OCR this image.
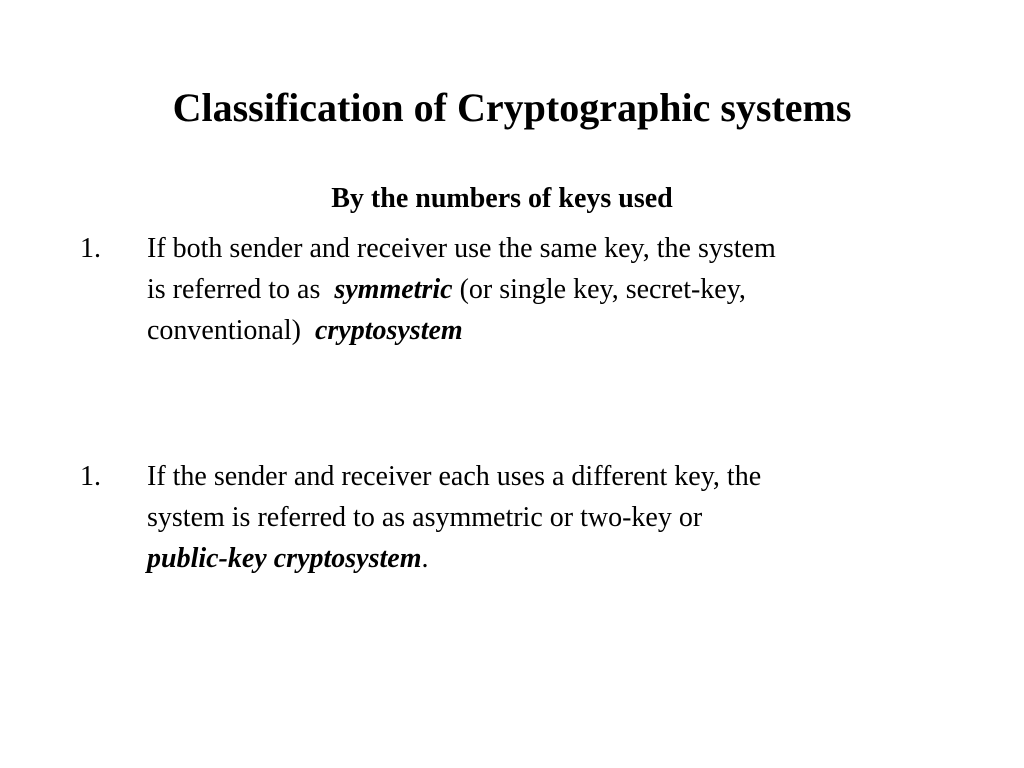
Classification of Cryptographic systems
By the numbers of keys used
1. If both sender and receiver use the same key, the system
is referred to as  symmetric (or single key, secret-key,
conventional)  cryptosystem
1. If the sender and receiver each uses a different key, the
system is referred to as asymmetric or two-key or
public-key cryptosystem.
